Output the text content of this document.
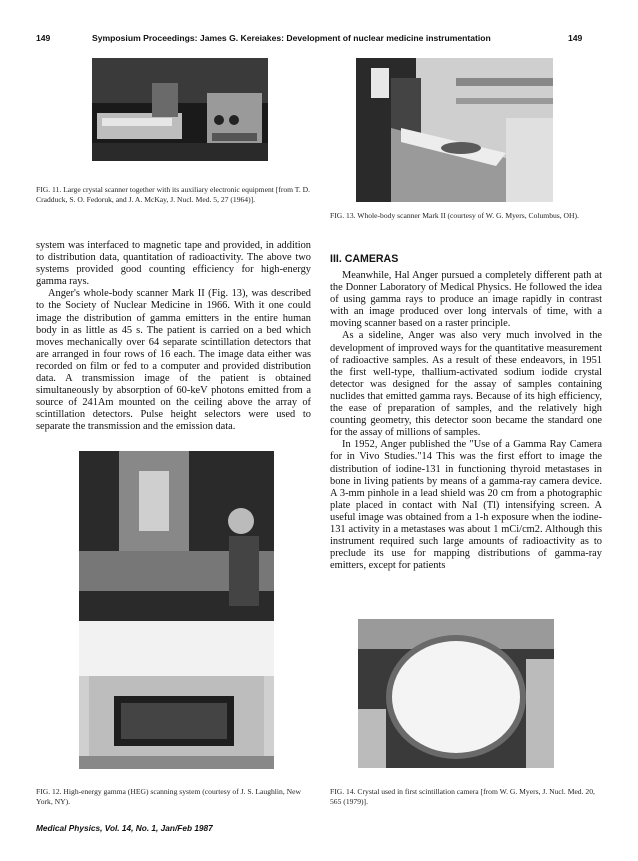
149	Symposium Proceedings: James G. Kereiakes: Development of nuclear medicine instrumentation	149
FIG. 11. Large crystal scanner together with its auxiliary electronic equipment [from T. D. Cradduck, S. O. Fedoruk, and J. A. McKay, J. Nucl. Med. 5, 27 (1964)].
FIG. 13. Whole-body scanner Mark II (courtesy of W. G. Myers, Columbus, OH).

system was interfaced to magnetic tape and provided, in addition to distribution data, quantitation of radioactivity. The above two systems provided good counting efficiency for high-energy gamma rays.

Anger's whole-body scanner Mark II (Fig. 13), was described to the Society of Nuclear Medicine in 1966. With it one could image the distribution of gamma emitters in the entire human body in as little as 45 s. The patient is carried on a bed which moves mechanically over 64 separate scintillation detectors that are arranged in four rows of 16 each. The image data either was recorded on film or fed to a computer and provided distribution data. A transmission image of the patient is obtained simultaneously by absorption of 60-keV photons emitted from a source of 241Am mounted on the ceiling above the array of scintillation detectors. Pulse height selectors were used to separate the transmission and the emission data.

III. CAMERAS

Meanwhile, Hal Anger pursued a completely different path at the Donner Laboratory of Medical Physics. He followed the idea of using gamma rays to produce an image rapidly in contrast with an image produced over long intervals of time, with a moving scanner based on a raster principle.

As a sideline, Anger was also very much involved in the development of improved ways for the quantitative measurement of radioactive samples. As a result of these endeavors, in 1951 the first well-type, thallium-activated sodium iodide crystal detector was designed for the assay of samples containing nuclides that emitted gamma rays. Because of its high efficiency, the ease of preparation of samples, and the relatively high counting geometry, this detector soon became the standard one for the assay of millions of samples.

In 1952, Anger published the "Use of a Gamma Ray Camera for in Vivo Studies."14 This was the first effort to image the distribution of iodine-131 in functioning thyroid metastases in bone in living patients by means of a gamma-ray camera device. A 3-mm pinhole in a lead shield was 20 cm from a photographic plate placed in contact with NaI (Tl) intensifying screen. A useful image was obtained from a 1-h exposure when the iodine-131 activity in a metastases was about 1 mCi/cm2. Although this instrument required such large amounts of radioactivity as to preclude its use for mapping distributions of gamma-ray emitters, except for patients

FIG. 12. High-energy gamma (HEG) scanning system (courtesy of J. S. Laughlin, New York, NY).
FIG. 14. Crystal used in first scintillation camera [from W. G. Myers, J. Nucl. Med. 20, 565 (1979)].
Medical Physics, Vol. 14, No. 1, Jan/Feb 1987
